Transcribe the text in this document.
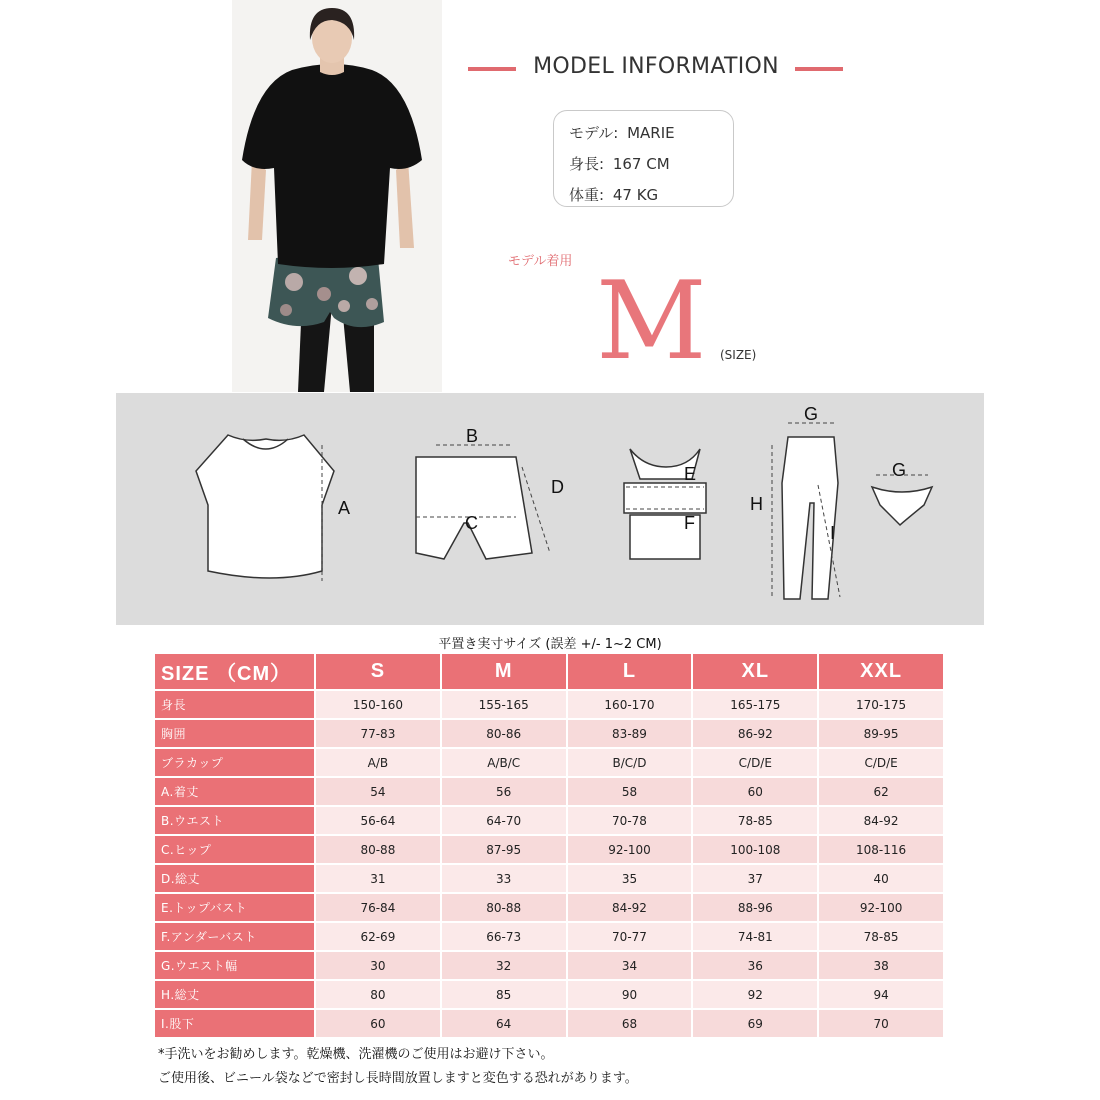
MODEL INFORMATION
モデル: MARIE
身長: 167 CM
体重: 47 KG
モデル着用 M (SIZE)
A
B
C
D
E
F
G
G
H
I
平置き実寸サイズ (誤差 +/- 1~2 CM)
SIZE （CM）	S	M	L	XL	XXL
身長	150-160	155-165	160-170	165-175	170-175
胸囲	77-83	80-86	83-89	86-92	89-95
ブラカップ	A/B	A/B/C	B/C/D	C/D/E	C/D/E
A.着丈	54	56	58	60	62
B.ウエスト	56-64	64-70	70-78	78-85	84-92
C.ヒップ	80-88	87-95	92-100	100-108	108-116
D.総丈	31	33	35	37	40
E.トップバスト	76-84	80-88	84-92	88-96	92-100
F.アンダーバスト	62-69	66-73	70-77	74-81	78-85
G.ウエスト幅	30	32	34	36	38
H.総丈	80	85	90	92	94
I.股下	60	64	68	69	70
*手洗いをお勧めします。乾燥機、洗濯機のご使用はお避け下さい。
ご使用後、ビニール袋などで密封し長時間放置しますと変色する恐れがあります。
